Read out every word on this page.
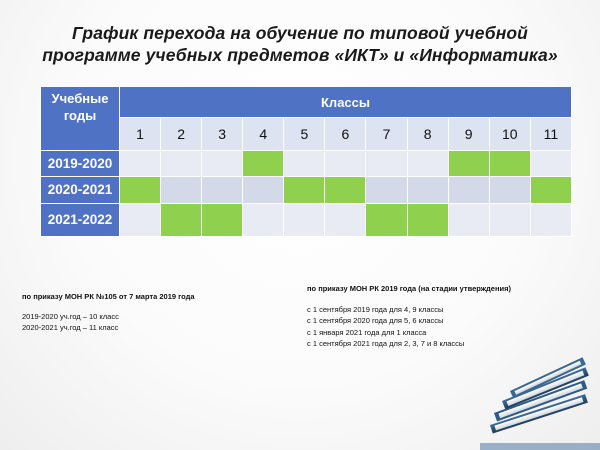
График перехода на обучение по типовой учебной
программе учебных предметов «ИКТ» и «Информатика»
Учебные годы	Классы										
	1	2	3	4	5	6	7	8	9	10	11
2019-2020											
2020-2021											
2021-2022											
по приказу МОН РК №105 от 7 марта 2019 года
2019-2020 уч.год – 10 класс
2020-2021 уч.год – 11 класс
по приказу МОН РК 2019 года (на стадии утверждения)
с 1 сентября 2019 года для 4, 9 классы
с 1 сентября 2020 года для 5, 6 классы
с 1 января 2021 года для 1 класса
с 1 сентября 2021 года для 2, 3, 7 и 8 классы
